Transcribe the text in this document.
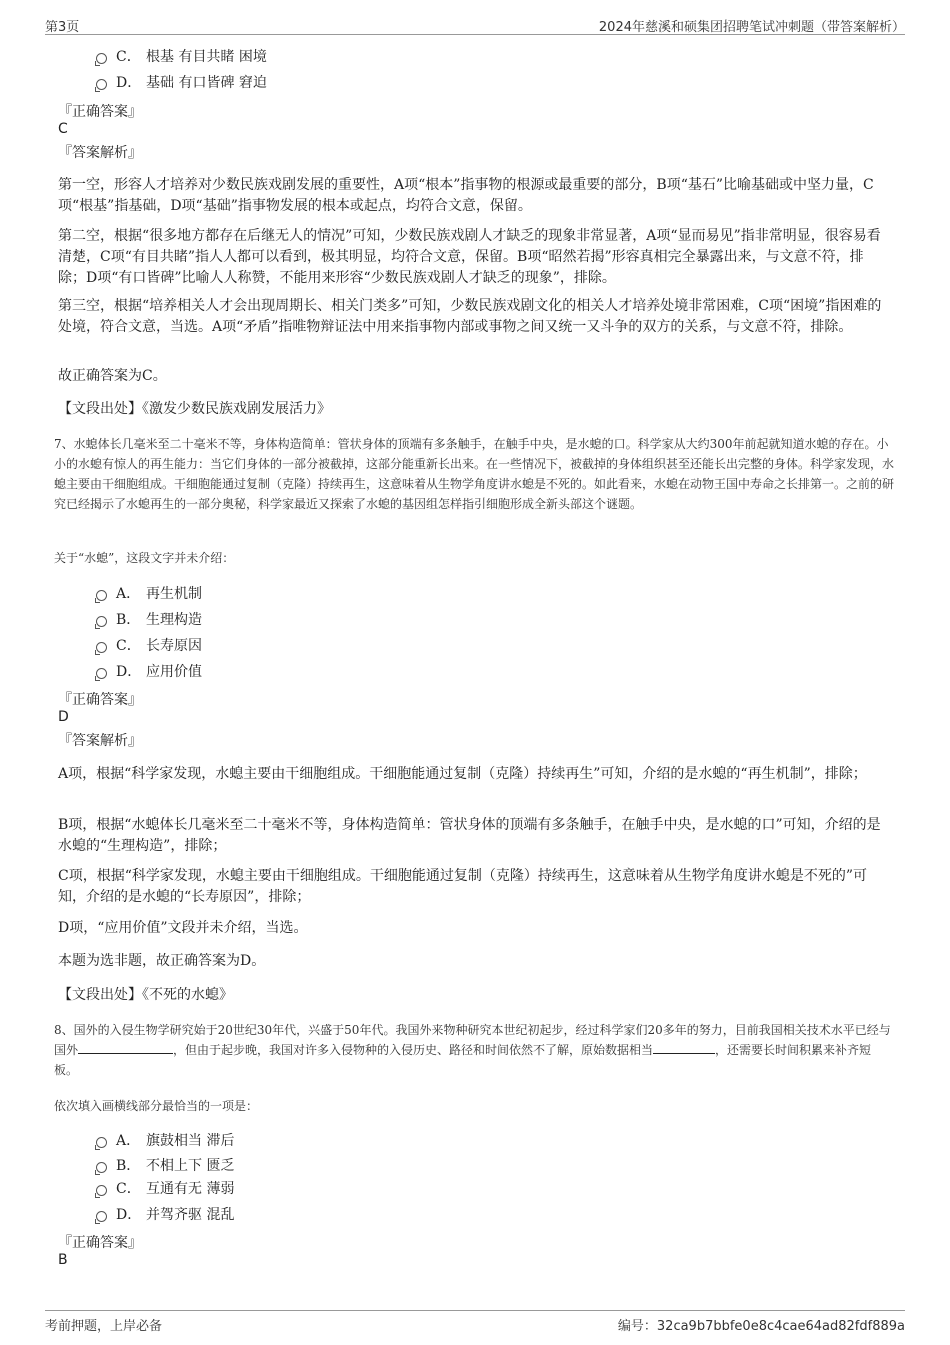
第3页	2024年慈溪和硕集团招聘笔试冲刺题（带答案解析）
C． 根基 有目共睹 困境
D． 基础 有口皆碑 窘迫
『正确答案』
C
『答案解析』

第一空，形容人才培养对少数民族戏剧发展的重要性，A项“根本”指事物的根源或最重要的部分，B项“基石”比喻基础或中坚力量，C项“根基”指基础，D项“基础”指事物发展的根本或起点，均符合文意，保留。

第二空，根据“很多地方都存在后继无人的情况”可知，少数民族戏剧人才缺乏的现象非常显著，A项“显而易见”指非常明显，很容易看清楚，C项“有目共睹”指人人都可以看到，极其明显，均符合文意，保留。B项“昭然若揭”形容真相完全暴露出来，与文意不符，排除；D项“有口皆碑”比喻人人称赞，不能用来形容“少数民族戏剧人才缺乏的现象”，排除。

第三空，根据“培养相关人才会出现周期长、相关门类多”可知，少数民族戏剧文化的相关人才培养处境非常困难，C项“困境”指困难的处境，符合文意，当选。A项“矛盾”指唯物辩证法中用来指事物内部或事物之间又统一又斗争的双方的关系，与文意不符，排除。

故正确答案为C。

【文段出处】《激发少数民族戏剧发展活力》

7、水螅体长几毫米至二十毫米不等，身体构造简单：管状身体的顶端有多条触手，在触手中央，是水螅的口。科学家从大约300年前起就知道水螅的存在。小小的水螅有惊人的再生能力：当它们身体的一部分被截掉，这部分能重新长出来。在一些情况下，被截掉的身体组织甚至还能长出完整的身体。科学家发现，水螅主要由干细胞组成。干细胞能通过复制（克隆）持续再生，这意味着从生物学角度讲水螅是不死的。如此看来，水螅在动物王国中寿命之长排第一。之前的研究已经揭示了水螅再生的一部分奥秘，科学家最近又探索了水螅的基因组怎样指引细胞形成全新头部这个谜题。

关于“水螅”，这段文字并未介绍：

A． 再生机制
B． 生理构造
C． 长寿原因
D． 应用价值
『正确答案』
D
『答案解析』

A项，根据“科学家发现，水螅主要由干细胞组成。干细胞能通过复制（克隆）持续再生”可知，介绍的是水螅的“再生机制”，排除；

B项，根据“水螅体长几毫米至二十毫米不等，身体构造简单：管状身体的顶端有多条触手，在触手中央，是水螅的口”可知，介绍的是水螅的“生理构造”，排除；

C项，根据“科学家发现，水螅主要由干细胞组成。干细胞能通过复制（克隆）持续再生，这意味着从生物学角度讲水螅是不死的”可知，介绍的是水螅的“长寿原因”，排除；

D项，“应用价值”文段并未介绍，当选。

本题为选非题，故正确答案为D。

【文段出处】《不死的水螅》

8、国外的入侵生物学研究始于20世纪30年代，兴盛于50年代。我国外来物种研究本世纪初起步，经过科学家们20多年的努力，目前我国相关技术水平已经与国外	，但由于起步晚，我国对许多入侵物种的入侵历史、路径和时间依然不了解，原始数据相当	，还需要长时间积累来补齐短板。

依次填入画横线部分最恰当的一项是：

A． 旗鼓相当 滞后
B． 不相上下 匮乏
C． 互通有无 薄弱
D． 并驾齐驱 混乱
『正确答案』
B
考前押题，上岸必备	编号：32ca9b7bbfe0e8c4cae64ad82fdf889a
